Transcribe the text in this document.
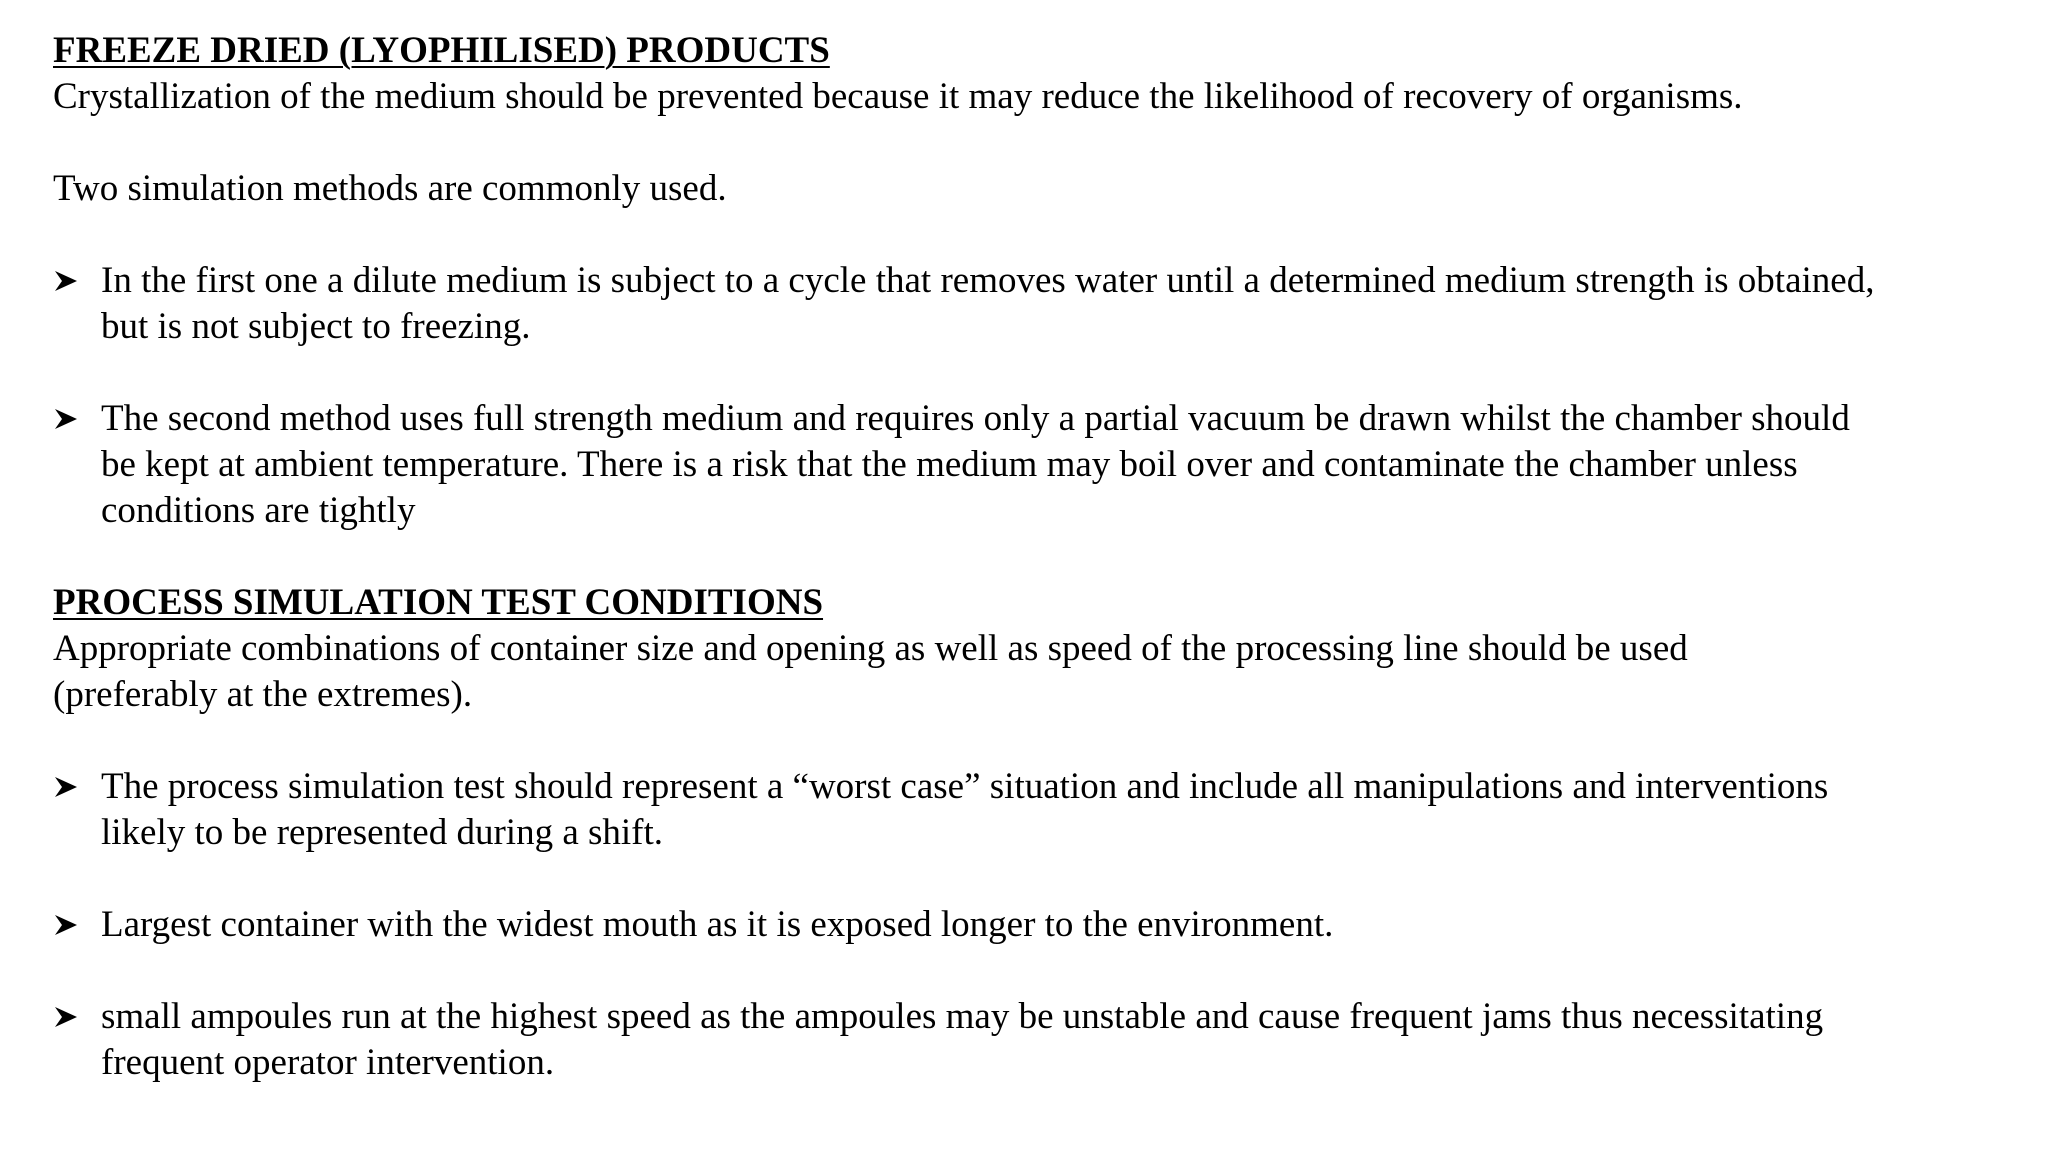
FREEZE DRIED (LYOPHILISED) PRODUCTS

Crystallization of the medium should be prevented because it may reduce the likelihood of recovery of organisms.

Two simulation methods are commonly used.

In the first one a dilute medium is subject to a cycle that removes water until a determined medium strength is obtained,
but is not subject to freezing.
The second method uses full strength medium and requires only a partial vacuum be drawn whilst the chamber should
be kept at ambient temperature. There is a risk that the medium may boil over and contaminate the chamber unless
conditions are tightly

PROCESS SIMULATION TEST CONDITIONS

Appropriate combinations of container size and opening as well as speed of the processing line should be used
(preferably at the extremes).

The process simulation test should represent a “worst case” situation and include all manipulations and interventions
likely to be represented during a shift.
Largest container with the widest mouth as it is exposed longer to the environment.
small ampoules run at the highest speed as the ampoules may be unstable and cause frequent jams thus necessitating
frequent operator intervention.
